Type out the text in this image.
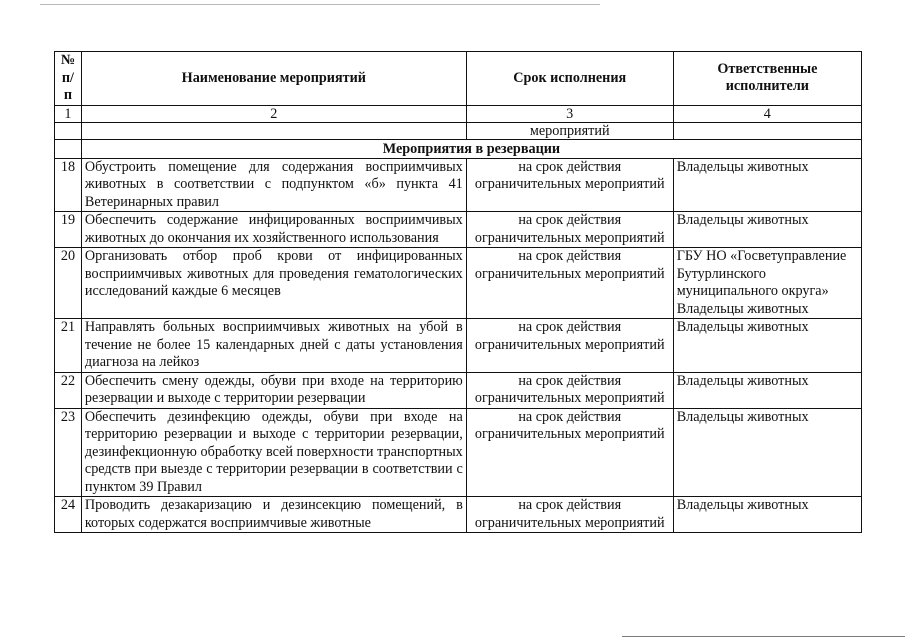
№ п/п	Наименование мероприятий	Срок исполнения	Ответственные исполнители
1	2	3	4
		мероприятий	
	Мероприятия в резервации		
18	Обустроить помещение для содержания восприимчивых животных в соответствии с подпунктом «б» пункта 41 Ветеринарных правил	на срок действия ограничительных мероприятий	Владельцы животных
19	Обеспечить содержание инфицированных восприимчивых животных до окончания их хозяйственного использования	на срок действия ограничительных мероприятий	Владельцы животных
20	Организовать отбор проб крови от инфицированных восприимчивых животных для проведения гематологических исследований каждые 6 месяцев	на срок действия ограничительных мероприятий	ГБУ НО «Госветуправление Бутурлинского муниципального округа» Владельцы животных
21	Направлять больных восприимчивых животных на убой в течение не более 15 календарных дней с даты установления диагноза на лейкоз	на срок действия ограничительных мероприятий	Владельцы животных
22	Обеспечить смену одежды, обуви при входе на территорию резервации и выходе с территории резервации	на срок действия ограничительных мероприятий	Владельцы животных
23	Обеспечить дезинфекцию одежды, обуви при входе на территорию резервации и выходе с территории резервации, дезинфекционную обработку всей поверхности транспортных средств при выезде с территории резервации в соответствии с пунктом 39 Правил	на срок действия ограничительных мероприятий	Владельцы животных
24	Проводить дезакаризацию и дезинсекцию помещений, в которых содержатся восприимчивые животные	на срок действия ограничительных мероприятий	Владельцы животных
